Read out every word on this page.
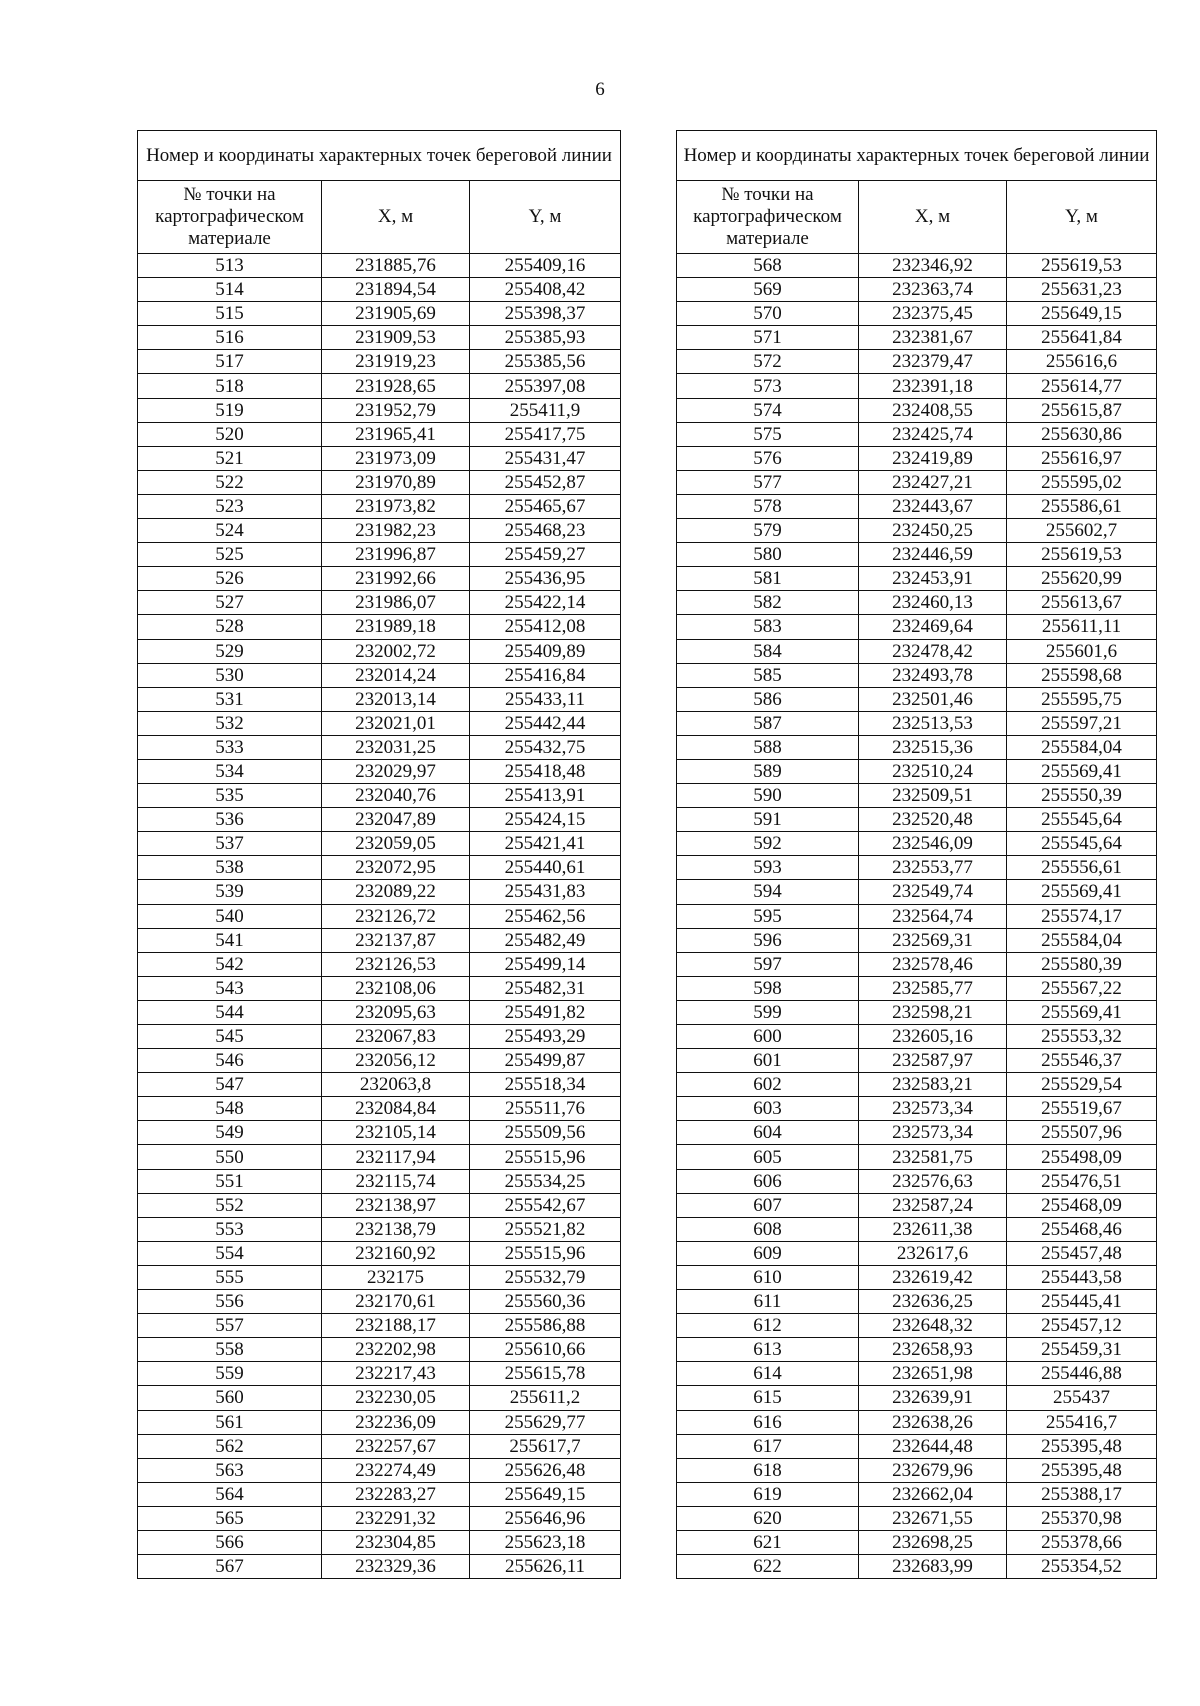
6
Номер и координаты характерных точек береговой линии		
№ точки на картографическом материале	X, м	Y, м
513	231885,76	255409,16
514	231894,54	255408,42
515	231905,69	255398,37
516	231909,53	255385,93
517	231919,23	255385,56
518	231928,65	255397,08
519	231952,79	255411,9
520	231965,41	255417,75
521	231973,09	255431,47
522	231970,89	255452,87
523	231973,82	255465,67
524	231982,23	255468,23
525	231996,87	255459,27
526	231992,66	255436,95
527	231986,07	255422,14
528	231989,18	255412,08
529	232002,72	255409,89
530	232014,24	255416,84
531	232013,14	255433,11
532	232021,01	255442,44
533	232031,25	255432,75
534	232029,97	255418,48
535	232040,76	255413,91
536	232047,89	255424,15
537	232059,05	255421,41
538	232072,95	255440,61
539	232089,22	255431,83
540	232126,72	255462,56
541	232137,87	255482,49
542	232126,53	255499,14
543	232108,06	255482,31
544	232095,63	255491,82
545	232067,83	255493,29
546	232056,12	255499,87
547	232063,8	255518,34
548	232084,84	255511,76
549	232105,14	255509,56
550	232117,94	255515,96
551	232115,74	255534,25
552	232138,97	255542,67
553	232138,79	255521,82
554	232160,92	255515,96
555	232175	255532,79
556	232170,61	255560,36
557	232188,17	255586,88
558	232202,98	255610,66
559	232217,43	255615,78
560	232230,05	255611,2
561	232236,09	255629,77
562	232257,67	255617,7
563	232274,49	255626,48
564	232283,27	255649,15
565	232291,32	255646,96
566	232304,85	255623,18
567	232329,36	255626,11
Номер и координаты характерных точек береговой линии		
№ точки на картографическом материале	X, м	Y, м
568	232346,92	255619,53
569	232363,74	255631,23
570	232375,45	255649,15
571	232381,67	255641,84
572	232379,47	255616,6
573	232391,18	255614,77
574	232408,55	255615,87
575	232425,74	255630,86
576	232419,89	255616,97
577	232427,21	255595,02
578	232443,67	255586,61
579	232450,25	255602,7
580	232446,59	255619,53
581	232453,91	255620,99
582	232460,13	255613,67
583	232469,64	255611,11
584	232478,42	255601,6
585	232493,78	255598,68
586	232501,46	255595,75
587	232513,53	255597,21
588	232515,36	255584,04
589	232510,24	255569,41
590	232509,51	255550,39
591	232520,48	255545,64
592	232546,09	255545,64
593	232553,77	255556,61
594	232549,74	255569,41
595	232564,74	255574,17
596	232569,31	255584,04
597	232578,46	255580,39
598	232585,77	255567,22
599	232598,21	255569,41
600	232605,16	255553,32
601	232587,97	255546,37
602	232583,21	255529,54
603	232573,34	255519,67
604	232573,34	255507,96
605	232581,75	255498,09
606	232576,63	255476,51
607	232587,24	255468,09
608	232611,38	255468,46
609	232617,6	255457,48
610	232619,42	255443,58
611	232636,25	255445,41
612	232648,32	255457,12
613	232658,93	255459,31
614	232651,98	255446,88
615	232639,91	255437
616	232638,26	255416,7
617	232644,48	255395,48
618	232679,96	255395,48
619	232662,04	255388,17
620	232671,55	255370,98
621	232698,25	255378,66
622	232683,99	255354,52
